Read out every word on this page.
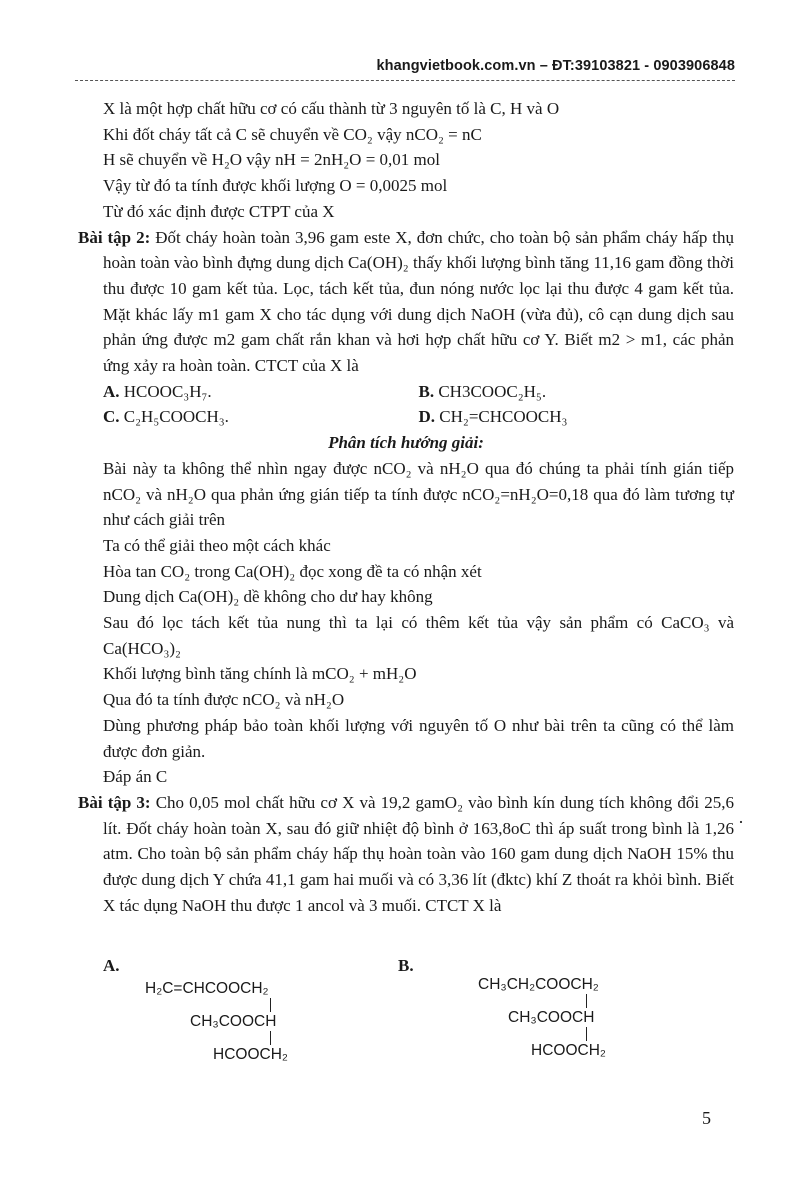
khangvietbook.com.vn – ĐT:39103821 - 0903906848

X là một hợp chất hữu cơ có cấu thành từ 3 nguyên tố là C, H và O

Khi đốt cháy tất cả C sẽ chuyển về CO₂ vậy nCO₂ = nC

H sẽ chuyển về H₂O vậy nH = 2nH₂O = 0,01 mol

Vậy từ đó ta tính được khối lượng O = 0,0025 mol

Từ đó xác định được CTPT của X

Bài tập 2: Đốt cháy hoàn toàn 3,96 gam este X, đơn chức, cho toàn bộ sản phẩm cháy hấp thụ hoàn toàn vào bình đựng dung dịch Ca(OH)₂ thấy khối lượng bình tăng 11,16 gam đồng thời thu được 10 gam kết tủa. Lọc, tách kết tủa, đun nóng nước lọc lại thu được 4 gam kết tủa. Mặt khác lấy m1 gam X cho tác dụng với dung dịch NaOH (vừa đủ), cô cạn dung dịch sau phản ứng được m2 gam chất rắn khan và hơi hợp chất hữu cơ Y. Biết m2 > m1, các phản ứng xảy ra hoàn toàn. CTCT của X là

A. HCOOC₃H₇.	B. CH3COOC₂H₅.
C. C₂H₅COOCH₃.	D. CH₂=CHCOOCH₃

Phân tích hướng giải:

Bài này ta không thể nhìn ngay được nCO₂ và nH₂O qua đó chúng ta phải tính gián tiếp nCO₂ và nH₂O qua phản ứng gián tiếp ta tính được nCO₂=nH₂O=0,18 qua đó làm tương tự như cách giải trên

Ta có thể giải theo một cách khác

Hòa tan CO₂ trong Ca(OH)₂ đọc xong đề ta có nhận xét

Dung dịch Ca(OH)₂ dề không cho dư hay không

Sau đó lọc tách kết tủa nung thì ta lại có thêm kết tủa vậy sản phẩm có CaCO₃ và Ca(HCO₃)₂

Khối lượng bình tăng chính là mCO₂ + mH₂O

Qua đó ta tính được nCO₂ và nH₂O

Dùng phương pháp bảo toàn khối lượng với nguyên tố O như bài trên ta cũng có thể làm được đơn giản.

Đáp án C

Bài tập 3: Cho 0,05 mol chất hữu cơ X và 19,2 gamO₂ vào bình kín dung tích không đổi 25,6 lít. Đốt cháy hoàn toàn X, sau đó giữ nhiệt độ bình ở 163,8oC thì áp suất trong bình là 1,26 atm. Cho toàn bộ sản phẩm cháy hấp thụ hoàn toàn vào 160 gam dung dịch NaOH 15% thu được dung dịch Y chứa 41,1 gam hai muối và có 3,36 lít (đktc) khí Z thoát ra khỏi bình. Biết X tác dụng NaOH thu được 1 ancol và 3 muối. CTCT X là

·
A.
H₂C=CHCOOCH₂
CH₃COOCH
HCOOCH₂
B.
CH₃CH₂COOCH₂
CH₃COOCH
HCOOCH₂
5
